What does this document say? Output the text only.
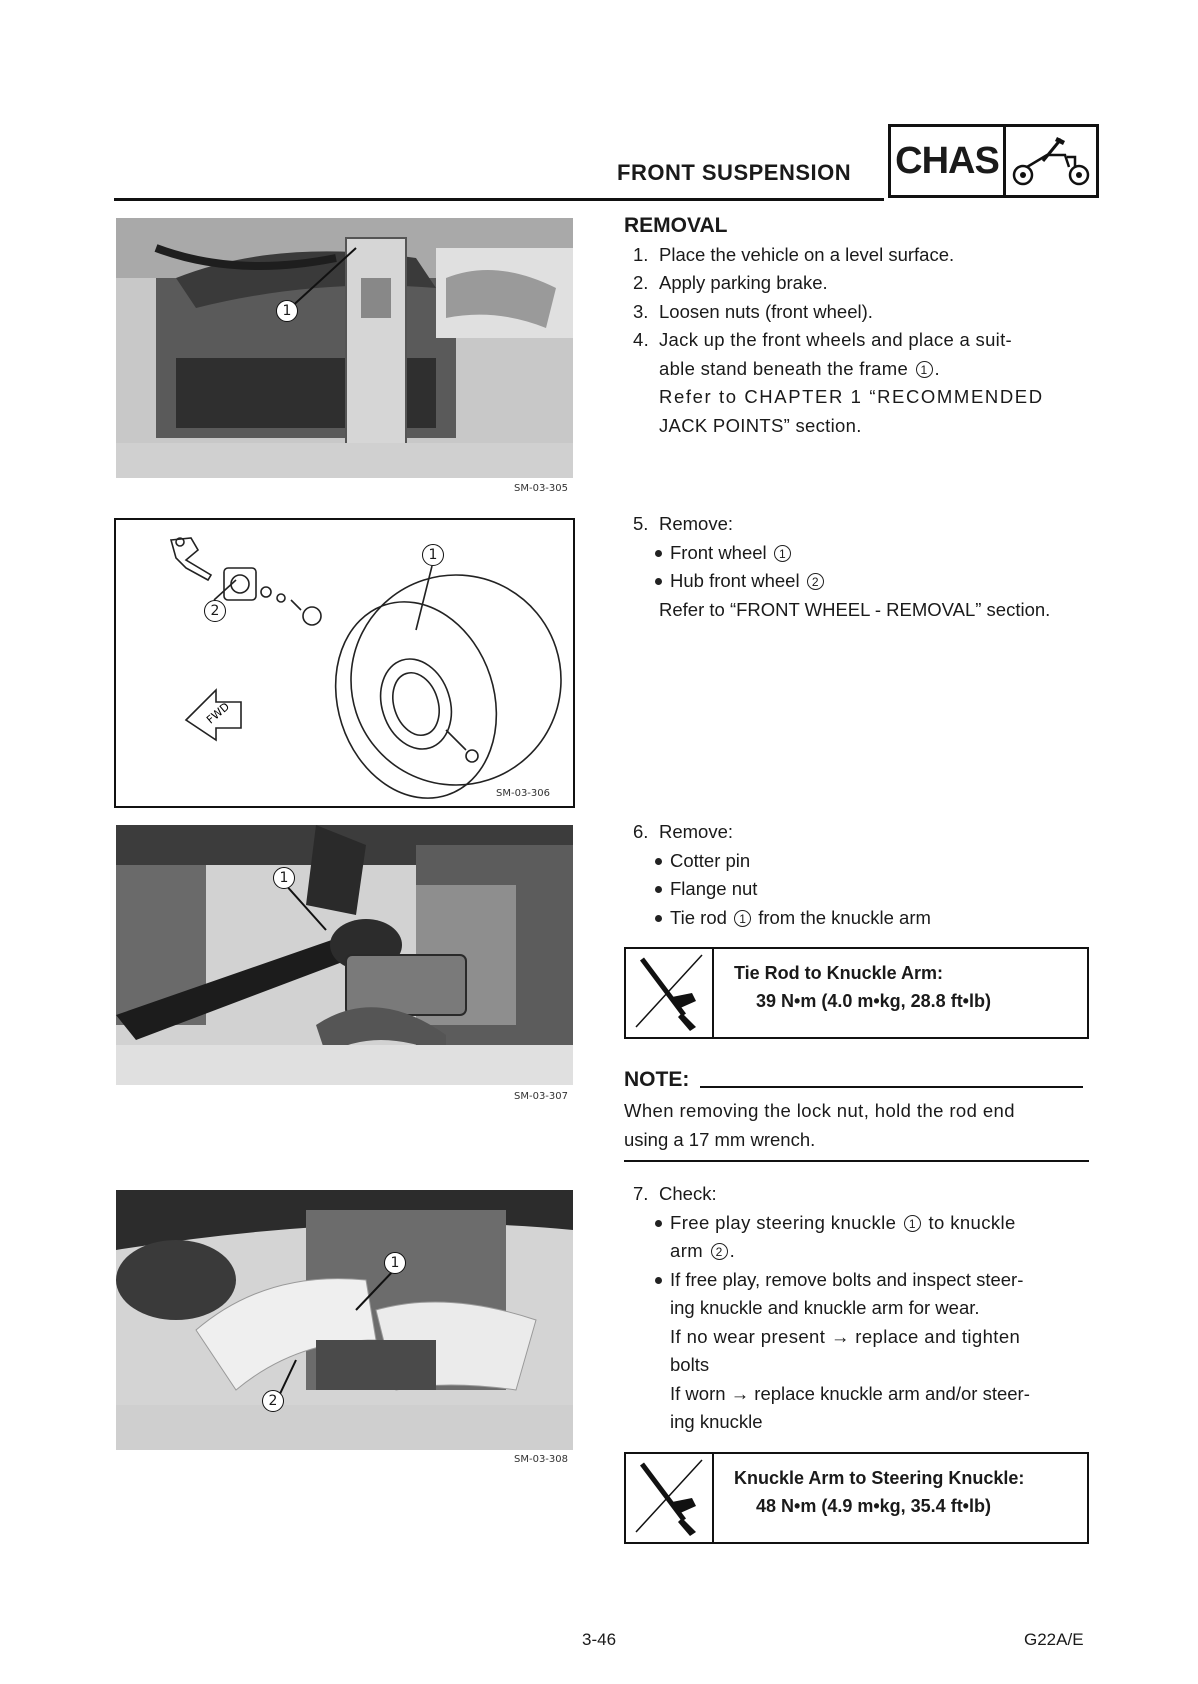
FRONT SUSPENSION CHAS
1
SM-03-305
FWD
1
2
SM-03-306
1
SM-03-307
1
2
SM-03-308
REMOVAL
1. Place the vehicle on a level surface.
2. Apply parking brake.
3. Loosen nuts (front wheel).
4. Jack up the front wheels and place a suit-
able stand beneath the frame 1 .
Refer to CHAPTER 1 “RECOMMENDED
JACK POINTS” section.
5. Remove:
Front wheel 1
Hub front wheel 2
Refer to “FRONT WHEEL - REMOVAL” section.
6. Remove:
Cotter pin
Flange nut
Tie rod 1 from the knuckle arm
Tie Rod to Knuckle Arm:
39 N•m (4.0 m•kg, 28.8 ft•lb)
NOTE:
When removing the lock nut, hold the rod end
using a 17 mm wrench.
7. Check:
Free play steering knuckle 1 to knuckle
arm 2 .
If free play, remove bolts and inspect steer-
ing knuckle and knuckle arm for wear.
If no wear present → replace and tighten
bolts
If worn → replace knuckle arm and/or steer-
ing knuckle
Knuckle Arm to Steering Knuckle:
48 N•m (4.9 m•kg, 35.4 ft•lb)
3-46	G22A/E
